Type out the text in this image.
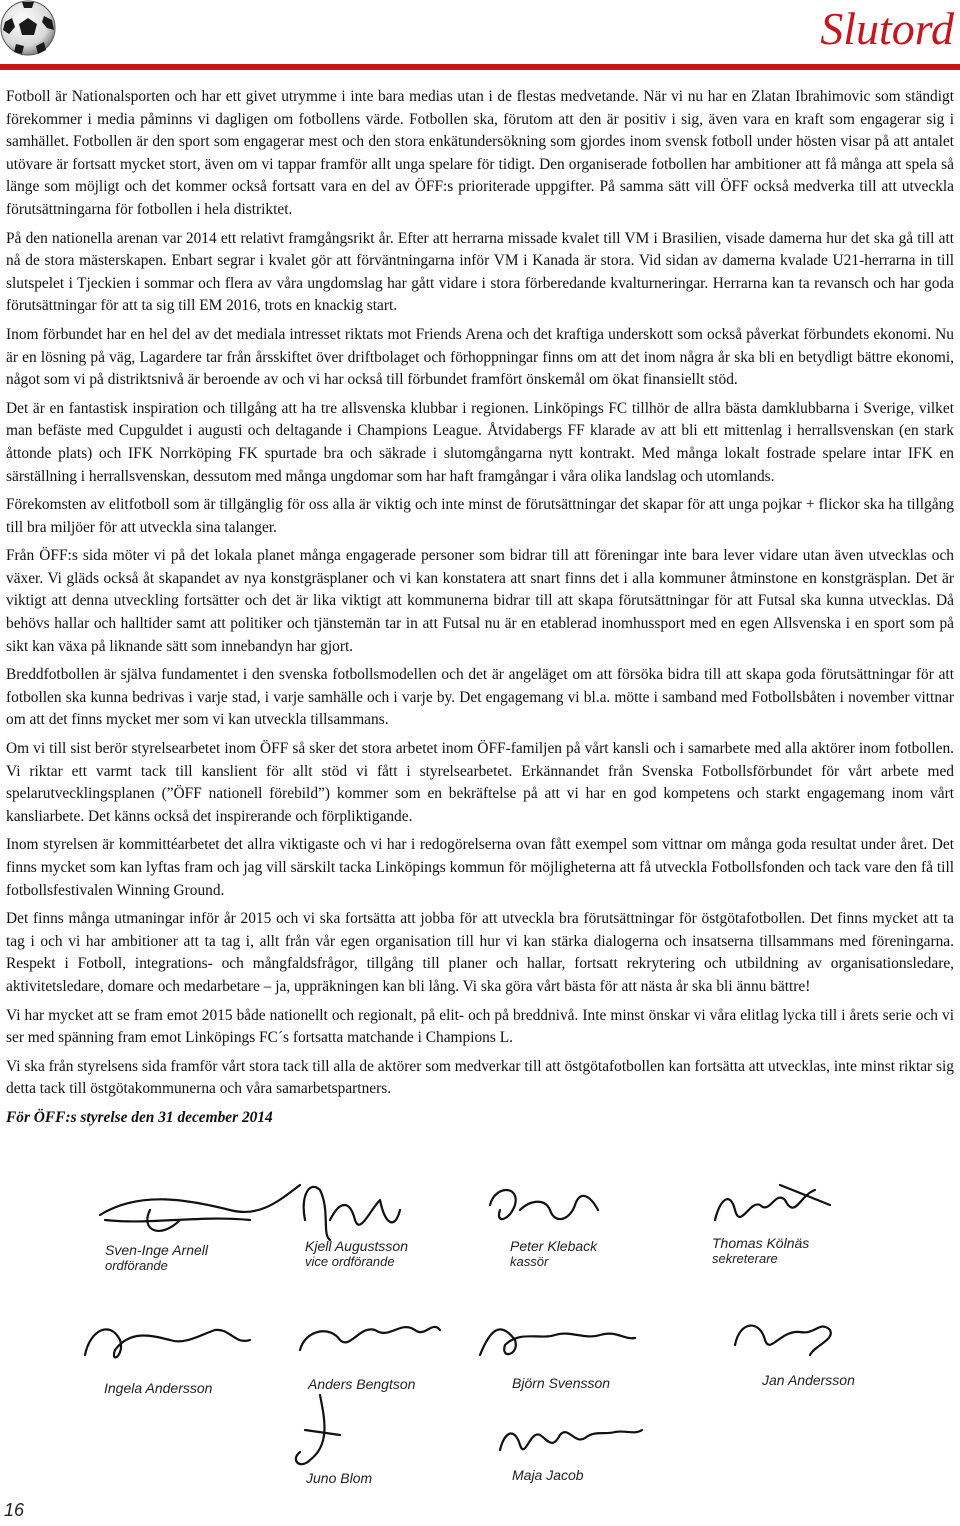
Slutord

Fotboll är Nationalsporten och har ett givet utrymme i inte bara medias utan i de flestas medvetande. När vi nu har en Zlatan Ibrahimovic som ständigt förekommer i media påminns vi dagligen om fotbollens värde. Fotbollen ska, förutom att den är positiv i sig, även vara en kraft som engagerar sig i samhället. Fotbollen är den sport som engagerar mest och den stora enkätundersökning som gjordes inom svensk fotboll under hösten visar på att antalet utövare är fortsatt mycket stort, även om vi tappar framför allt unga spelare för tidigt. Den organiserade fotbollen har ambitioner att få många att spela så länge som möjligt och det kommer också fortsatt vara en del av ÖFF:s prioriterade uppgifter. På samma sätt vill ÖFF också medverka till att utveckla förutsättningarna för fotbollen i hela distriktet.

På den nationella arenan var 2014 ett relativt framgångsrikt år. Efter att herrarna missade kvalet till VM i Brasilien, visade damerna hur det ska gå till att nå de stora mästerskapen. Enbart segrar i kvalet gör att förväntningarna inför VM i Kanada är stora. Vid sidan av damerna kvalade U21-herrarna in till slutspelet i Tjeckien i sommar och flera av våra ungdomslag har gått vidare i stora förberedande kvalturneringar. Herrarna kan ta revansch och har goda förutsättningar för att ta sig till EM 2016, trots en knackig start.

Inom förbundet har en hel del av det mediala intresset riktats mot Friends Arena och det kraftiga underskott som också påverkat förbundets ekonomi. Nu är en lösning på väg, Lagardere tar från årsskiftet över driftbolaget och förhoppningar finns om att det inom några år ska bli en betydligt bättre ekonomi, något som vi på distriktsnivå är beroende av och vi har också till förbundet framfört önskemål om ökat finansiellt stöd.

Det är en fantastisk inspiration och tillgång att ha tre allsvenska klubbar i regionen. Linköpings FC tillhör de allra bästa damklubbarna i Sverige, vilket man befäste med Cupguldet i augusti och deltagande i Champions League. Åtvidabergs FF klarade av att bli ett mittenlag i herrallsvenskan (en stark åttonde plats) och IFK Norrköping FK spurtade bra och säkrade i slutomgångarna nytt kontrakt. Med många lokalt fostrade spelare intar IFK en särställning i herrallsvenskan, dessutom med många ungdomar som har haft framgångar i våra olika landslag och utomlands.

Förekomsten av elitfotboll som är tillgänglig för oss alla är viktig och inte minst de förutsättningar det skapar för att unga pojkar + flickor ska ha tillgång till bra miljöer för att utveckla sina talanger.

Från ÖFF:s sida möter vi på det lokala planet många engagerade personer som bidrar till att föreningar inte bara lever vidare utan även utvecklas och växer. Vi gläds också åt skapandet av nya konstgräsplaner och vi kan konstatera att snart finns det i alla kommuner åtminstone en konstgräsplan. Det är viktigt att denna utveckling fortsätter och det är lika viktigt att kommunerna bidrar till att skapa förutsättningar för att Futsal ska kunna utvecklas. Då behövs hallar och halltider samt att politiker och tjänstemän tar in att Futsal nu är en etablerad inomhussport med en egen Allsvenska i en sport som på sikt kan växa på liknande sätt som innebandyn har gjort.

Breddfotbollen är själva fundamentet i den svenska fotbollsmodellen och det är angeläget om att försöka bidra till att skapa goda förutsättningar för att fotbollen ska kunna bedrivas i varje stad, i varje samhälle och i varje by. Det engagemang vi bl.a. mötte i samband med Fotbollsbåten i november vittnar om att det finns mycket mer som vi kan utveckla tillsammans.

Om vi till sist berör styrelsearbetet inom ÖFF så sker det stora arbetet inom ÖFF-familjen på vårt kansli och i samarbete med alla aktörer inom fotbollen. Vi riktar ett varmt tack till kanslient för allt stöd vi fått i styrelsearbetet. Erkännandet från Svenska Fotbollsförbundet för vårt arbete med spelarutvecklingsplanen (”ÖFF nationell förebild”) kommer som en bekräftelse på att vi har en god kompetens och starkt engagemang inom vårt kansliarbete. Det känns också det inspirerande och förpliktigande.

Inom styrelsen är kommittéarbetet det allra viktigaste och vi har i redogörelserna ovan fått exempel som vittnar om många goda resultat under året. Det finns mycket som kan lyftas fram och jag vill särskilt tacka Linköpings kommun för möjligheterna att få utveckla Fotbollsfonden och tack vare den få till fotbollsfestivalen Winning Ground.

Det finns många utmaningar inför år 2015 och vi ska fortsätta att jobba för att utveckla bra förutsättningar för östgötafotbollen. Det finns mycket att ta tag i och vi har ambitioner att ta tag i, allt från vår egen organisation till hur vi kan stärka dialogerna och insatserna tillsammans med föreningarna. Respekt i Fotboll, integrations- och mångfaldsfrågor, tillgång till planer och hallar, fortsatt rekrytering och utbildning av organisationsledare, aktivitetsledare, domare och medarbetare – ja, uppräkningen kan bli lång. Vi ska göra vårt bästa för att nästa år ska bli ännu bättre!

Vi har mycket att se fram emot 2015 både nationellt och regionalt, på elit- och på breddnivå. Inte minst önskar vi våra elitlag lycka till i årets serie och vi ser med spänning fram emot Linköpings FC´s fortsatta matchande i Champions L.

Vi ska från styrelsens sida framför vårt stora tack till alla de aktörer som medverkar till att östgötafotbollen kan fortsätta att utvecklas, inte minst riktar sig detta tack till östgötakommunerna och våra samarbetspartners.

För ÖFF:s styrelse den 31 december 2014

Sven-Inge Arnell
ordförande
Kjell Augustsson
vice ordförande
Peter Kleback
kassör
Thomas Kölnäs
sekreterare
Ingela Andersson	Anders Bengtson	Björn Svensson	Jan Andersson
Juno Blom	Maja Jacob
16
